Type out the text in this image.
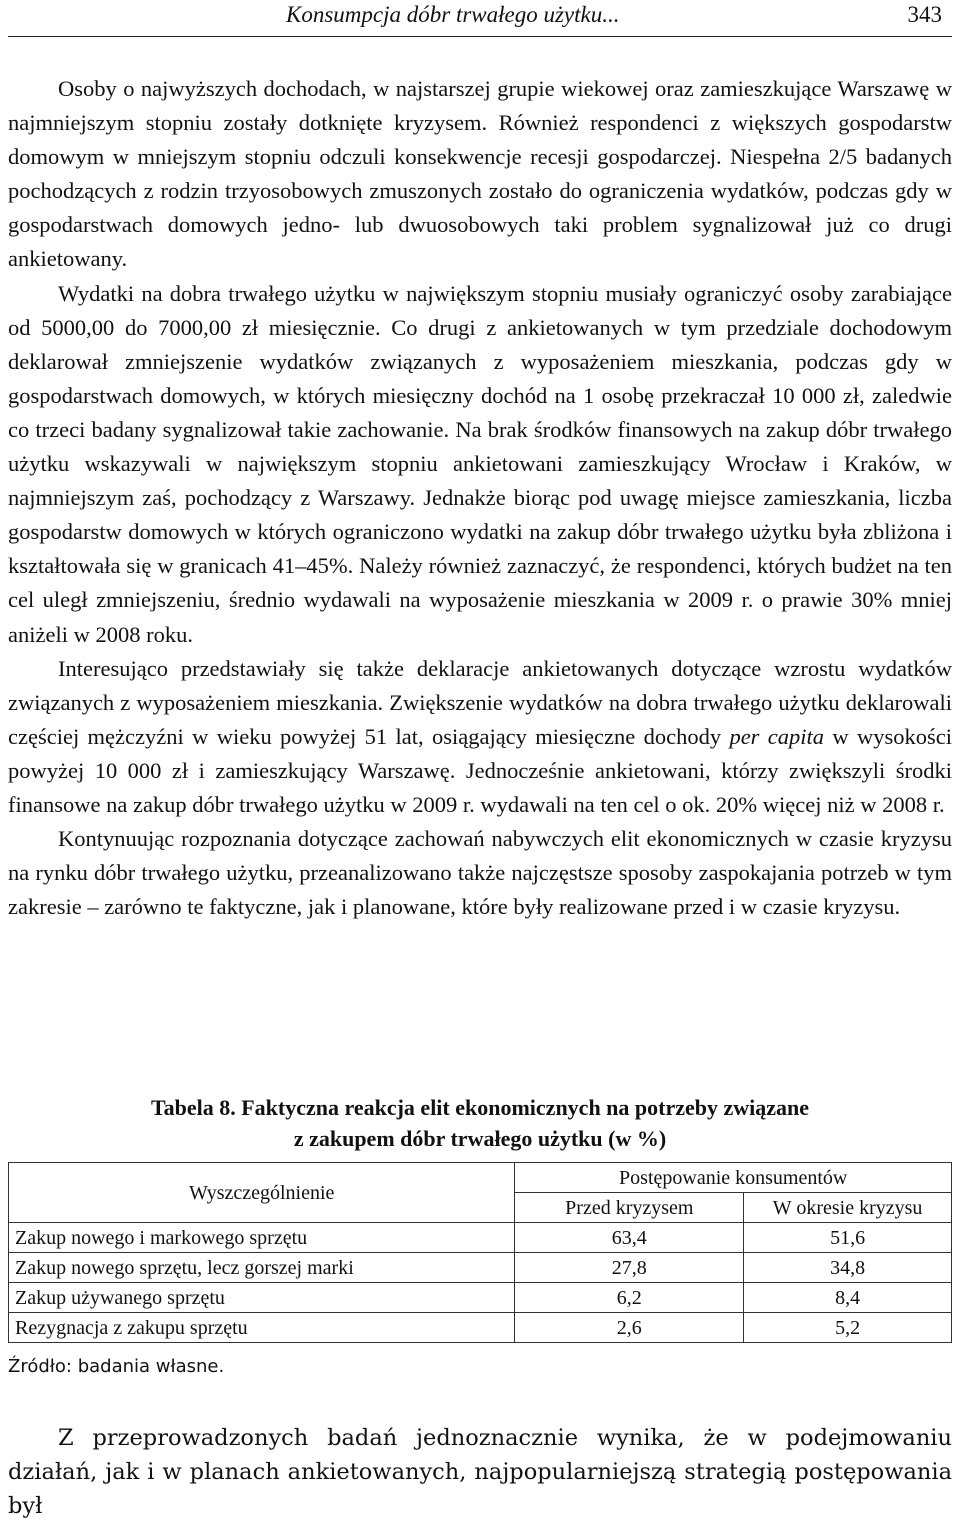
Konsumpcja dóbr trwałego użytku...	343

Osoby o najwyższych dochodach, w najstarszej grupie wiekowej oraz zamieszkujące Warszawę w najmniejszym stopniu zostały dotknięte kryzysem. Również respondenci z większych gospodarstw domowym w mniejszym stopniu odczuli konsekwencje recesji gospodarczej. Niespełna 2/5 badanych pochodzących z rodzin trzyosobowych zmuszonych zostało do ograniczenia wydatków, podczas gdy w gospodarstwach domowych jedno- lub dwuosobowych taki problem sygnalizował już co drugi ankietowany.

Wydatki na dobra trwałego użytku w największym stopniu musiały ograniczyć osoby zarabiające od 5000,00 do 7000,00 zł miesięcznie. Co drugi z ankietowanych w tym przedziale dochodowym deklarował zmniejszenie wydatków związanych z wyposażeniem mieszkania, podczas gdy w gospodarstwach domowych, w których miesięczny dochód na 1 osobę przekraczał 10 000 zł, zaledwie co trzeci badany sygnalizował takie zachowanie. Na brak środków finansowych na zakup dóbr trwałego użytku wskazywali w największym stopniu ankietowani zamieszkujący Wrocław i Kraków, w najmniejszym zaś, pochodzący z Warszawy. Jednakże biorąc pod uwagę miejsce zamieszkania, liczba gospodarstw domowych w których ograniczono wydatki na zakup dóbr trwałego użytku była zbliżona i kształtowała się w granicach 41–45%. Należy również zaznaczyć, że respondenci, których budżet na ten cel uległ zmniejszeniu, średnio wydawali na wyposażenie mieszkania w 2009 r. o prawie 30% mniej aniżeli w 2008 roku.

Interesująco przedstawiały się także deklaracje ankietowanych dotyczące wzrostu wydatków związanych z wyposażeniem mieszkania. Zwiększenie wydatków na dobra trwałego użytku deklarowali częściej mężczyźni w wieku powyżej 51 lat, osiągający miesięczne dochody per capita w wysokości powyżej 10 000 zł i zamieszkujący Warszawę. Jednocześnie ankietowani, którzy zwiększyli środki finansowe na zakup dóbr trwałego użytku w 2009 r. wydawali na ten cel o ok. 20% więcej niż w 2008 r.

Kontynuując rozpoznania dotyczące zachowań nabywczych elit ekonomicznych w czasie kryzysu na rynku dóbr trwałego użytku, przeanalizowano także najczęstsze sposoby zaspokajania potrzeb w tym zakresie – zarówno te faktyczne, jak i planowane, które były realizowane przed i w czasie kryzysu.

Tabela 8. Faktyczna reakcja elit ekonomicznych na potrzeby związane
z zakupem dóbr trwałego użytku (w %)
Wyszczególnienie	Postępowanie konsumentów	
	Przed kryzysem	W okresie kryzysu
Zakup nowego i markowego sprzętu	63,4	51,6
Zakup nowego sprzętu, lecz gorszej marki	27,8	34,8
Zakup używanego sprzętu	6,2	8,4
Rezygnacja z zakupu sprzętu	2,6	5,2
Źródło: badania własne.

Z przeprowadzonych badań jednoznacznie wynika, że w podejmowaniu działań, jak i w planach ankietowanych, najpopularniejszą strategią postępowania był
